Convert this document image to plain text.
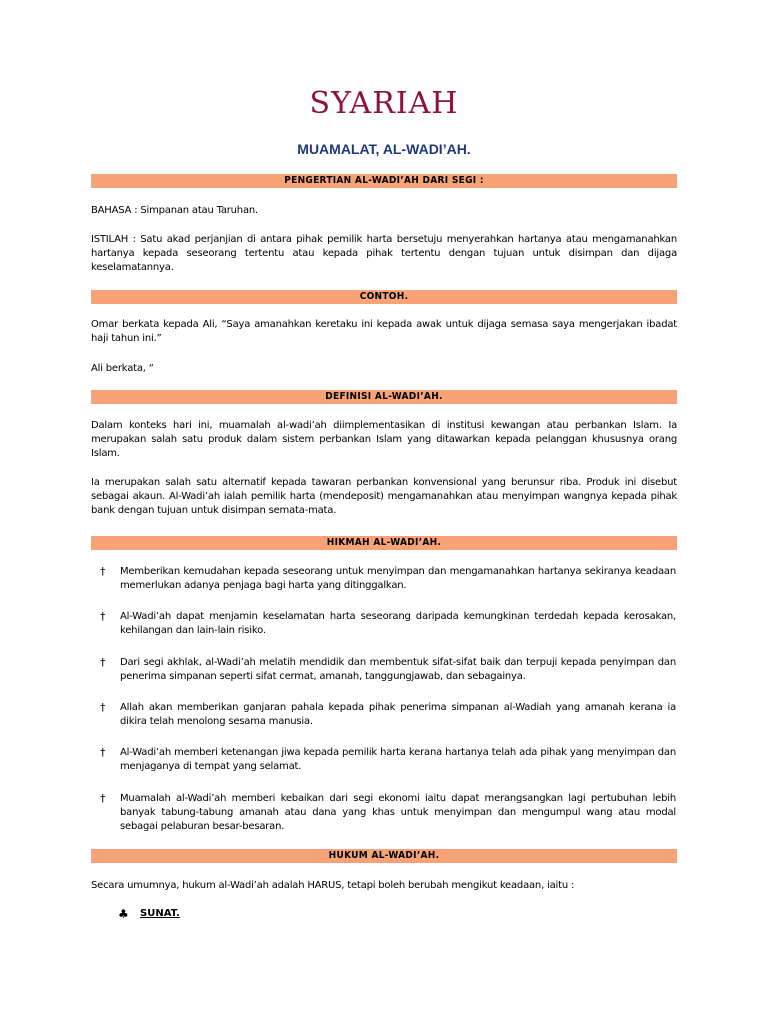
SYARIAH
MUAMALAT, AL-WADI’AH.
PENGERTIAN AL-WADI’AH DARI SEGI :
BAHASA : Simpanan atau Taruhan.
ISTILAH : Satu akad perjanjian di antara pihak pemilik harta bersetuju menyerahkan hartanya atau mengamanahkan hartanya kepada seseorang tertentu atau kepada pihak tertentu dengan tujuan untuk disimpan dan dijaga keselamatannya.
CONTOH.
Omar berkata kepada Ali, “Saya amanahkan keretaku ini kepada awak untuk dijaga semasa saya mengerjakan ibadat haji tahun ini.”
Ali berkata, “
DEFINISI AL-WADI’AH.
Dalam konteks hari ini, muamalah al-wadi’ah diimplementasikan di institusi kewangan atau perbankan Islam. Ia merupakan salah satu produk dalam sistem perbankan Islam yang ditawarkan kepada pelanggan khususnya orang Islam.
Ia merupakan salah satu alternatif kepada tawaran perbankan konvensional yang berunsur riba. Produk ini disebut sebagai akaun. Al-Wadi’ah ialah pemilik harta (mendeposit) mengamanahkan atau menyimpan wangnya kepada pihak bank dengan tujuan untuk disimpan semata-mata.
HIKMAH AL-WADI’AH.
† Memberikan kemudahan kepada seseorang untuk menyimpan dan mengamanahkan hartanya sekiranya keadaan memerlukan adanya penjaga bagi harta yang ditinggalkan.
† Al-Wadi’ah dapat menjamin keselamatan harta seseorang daripada kemungkinan terdedah kepada kerosakan, kehilangan dan lain-lain risiko.
† Dari segi akhlak, al-Wadi’ah melatih mendidik dan membentuk sifat-sifat baik dan terpuji kepada penyimpan dan penerima simpanan seperti sifat cermat, amanah, tanggungjawab, dan sebagainya.
† Allah akan memberikan ganjaran pahala kepada pihak penerima simpanan al-Wadiah yang amanah kerana ia dikira telah menolong sesama manusia.
† Al-Wadi’ah memberi ketenangan jiwa kepada pemilik harta kerana hartanya telah ada pihak yang menyimpan dan menjaganya di tempat yang selamat.
† Muamalah al-Wadi’ah memberi kebaikan dari segi ekonomi iaitu dapat merangsangkan lagi pertubuhan lebih banyak tabung-tabung amanah atau dana yang khas untuk menyimpan dan mengumpul wang atau modal sebagai pelaburan besar-besaran.
HUKUM AL-WADI’AH.
Secara umumnya, hukum al-Wadi’ah adalah HARUS, tetapi boleh berubah mengikut keadaan, iaitu :
♣ SUNAT.
